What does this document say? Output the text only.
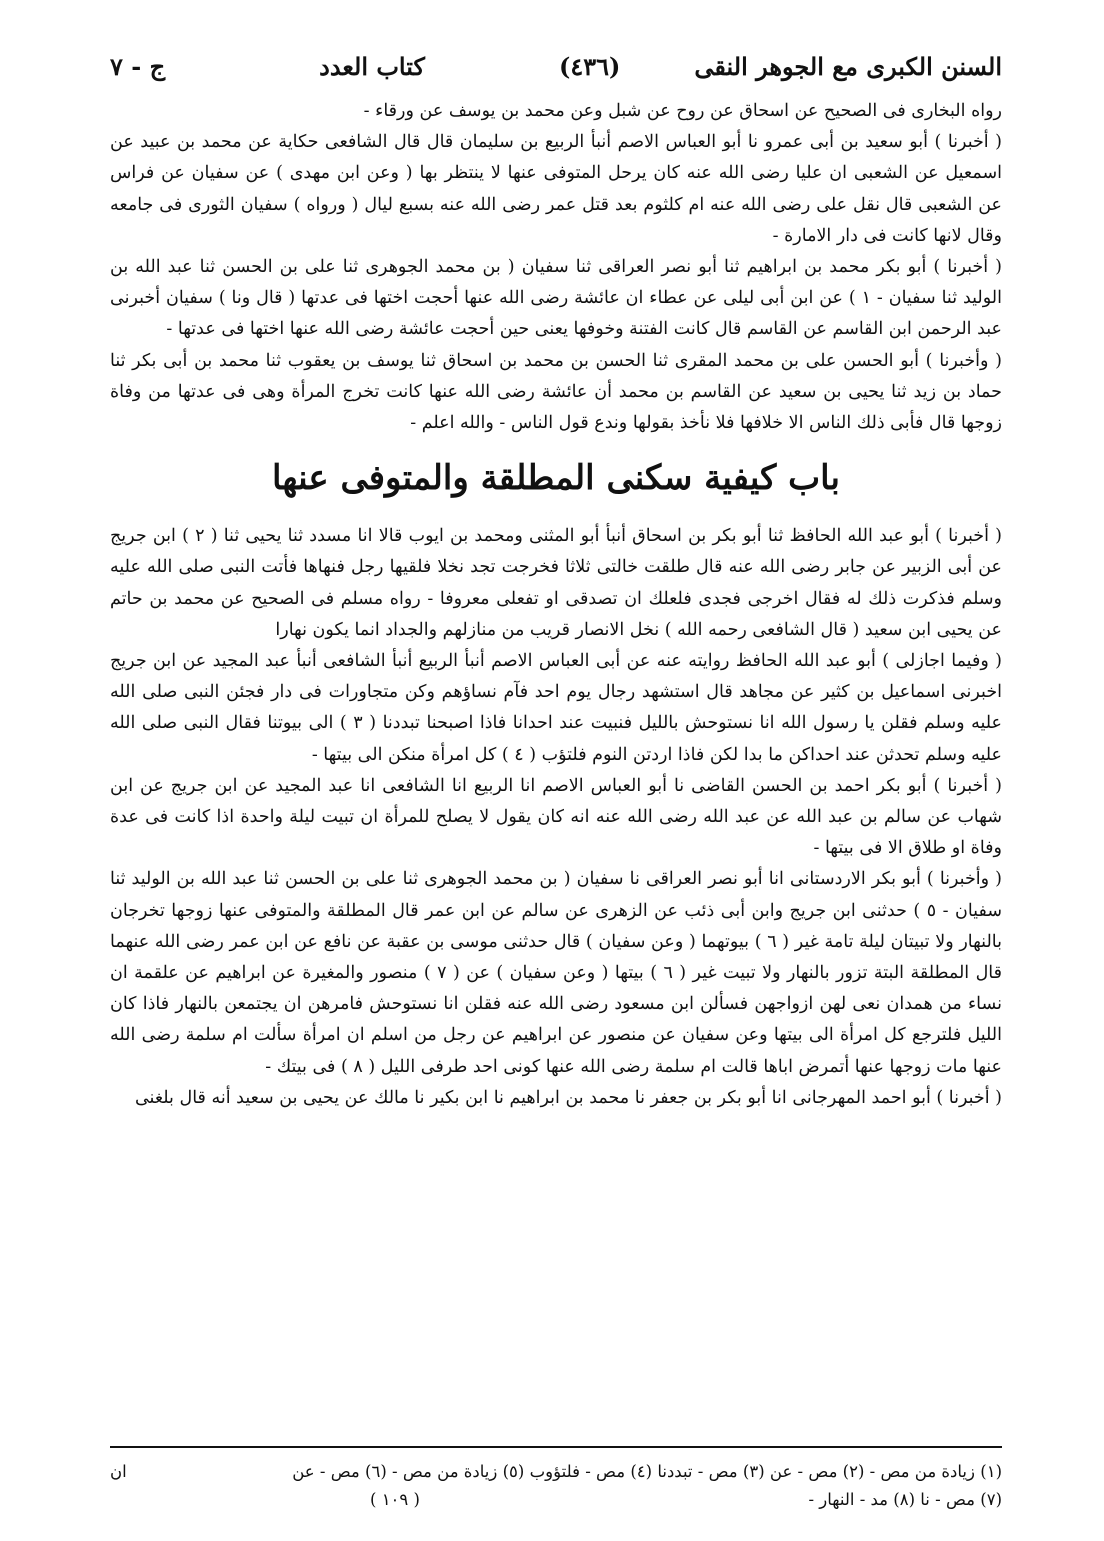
السنن الكبرى مع الجوهر النقى
(٤٣٦)
كتاب العدد
ج - ٧

رواه البخارى فى الصحيح عن اسحاق عن روح عن شبل وعن محمد بن يوسف عن ورقاء -

( أخبرنا ) أبو سعيد بن أبى عمرو نا أبو العباس الاصم أنبأ الربيع بن سليمان قال قال الشافعى حكاية عن محمد بن عبيد عن اسمعيل عن الشعبى ان عليا رضى الله عنه كان يرحل المتوفى عنها لا ينتظر بها ( وعن ابن مهدى ) عن سفيان عن فراس عن الشعبى قال نقل على رضى الله عنه ام كلثوم بعد قتل عمر رضى الله عنه بسبع ليال ( ورواه ) سفيان الثورى فى جامعه وقال لانها كانت فى دار الامارة -

( أخبرنا ) أبو بكر محمد بن ابراهيم ثنا أبو نصر العراقى ثنا سفيان ( بن محمد الجوهرى ثنا على بن الحسن ثنا عبد الله بن الوليد ثنا سفيان - ١ ) عن ابن أبى ليلى عن عطاء ان عائشة رضى الله عنها أحجت اختها فى عدتها ( قال ونا ) سفيان أخبرنى عبد الرحمن ابن القاسم عن القاسم قال كانت الفتنة وخوفها يعنى حين أحجت عائشة رضى الله عنها اختها فى عدتها -

( وأخبرنا ) أبو الحسن على بن محمد المقرى ثنا الحسن بن محمد بن اسحاق ثنا يوسف بن يعقوب ثنا محمد بن أبى بكر ثنا حماد بن زيد ثنا يحيى بن سعيد عن القاسم بن محمد أن عائشة رضى الله عنها كانت تخرج المرأة وهى فى عدتها من وفاة زوجها قال فأبى ذلك الناس الا خلافها فلا نأخذ بقولها وندع قول الناس - والله اعلم -

باب كيفية سكنى المطلقة والمتوفى عنها

( أخبرنا ) أبو عبد الله الحافظ ثنا أبو بكر بن اسحاق أنبأ أبو المثنى ومحمد بن ايوب قالا انا مسدد ثنا يحيى ثنا ( ٢ ) ابن جريج عن أبى الزبير عن جابر رضى الله عنه قال طلقت خالتى ثلاثا فخرجت تجد نخلا فلقيها رجل فنهاها فأتت النبى صلى الله عليه وسلم فذكرت ذلك له فقال اخرجى فجدى فلعلك ان تصدقى او تفعلى معروفا - رواه مسلم فى الصحيح عن محمد بن حاتم عن يحيى ابن سعيد ( قال الشافعى رحمه الله ) نخل الانصار قريب من منازلهم والجداد انما يكون نهارا

( وفيما اجازلى ) أبو عبد الله الحافظ روايته عنه عن أبى العباس الاصم أنبأ الربيع أنبأ الشافعى أنبأ عبد المجيد عن ابن جريج اخبرنى اسماعيل بن كثير عن مجاهد قال استشهد رجال يوم احد فآم نساؤهم وكن متجاورات فى دار فجئن النبى صلى الله عليه وسلم فقلن يا رسول الله انا نستوحش بالليل فنبيت عند احدانا فاذا اصبحنا تبددنا ( ٣ ) الى بيوتنا فقال النبى صلى الله عليه وسلم تحدثن عند احداكن ما بدا لكن فاذا اردتن النوم فلتؤب ( ٤ ) كل امرأة منكن الى بيتها -

( أخبرنا ) أبو بكر احمد بن الحسن القاضى نا أبو العباس الاصم انا الربيع انا الشافعى انا عبد المجيد عن ابن جريج عن ابن شهاب عن سالم بن عبد الله عن عبد الله رضى الله عنه انه كان يقول لا يصلح للمرأة ان تبيت ليلة واحدة اذا كانت فى عدة وفاة او طلاق الا فى بيتها -

( وأخبرنا ) أبو بكر الاردستانى انا أبو نصر العراقى نا سفيان ( بن محمد الجوهرى ثنا على بن الحسن ثنا عبد الله بن الوليد ثنا سفيان - ٥ ) حدثنى ابن جريج وابن أبى ذئب عن الزهرى عن سالم عن ابن عمر قال المطلقة والمتوفى عنها زوجها تخرجان بالنهار ولا تبيتان ليلة تامة غير ( ٦ ) بيوتهما ( وعن سفيان ) قال حدثنى موسى بن عقبة عن نافع عن ابن عمر رضى الله عنهما قال المطلقة البتة تزور بالنهار ولا تبيت غير ( ٦ ) بيتها ( وعن سفيان ) عن ( ٧ ) منصور والمغيرة عن ابراهيم عن علقمة ان نساء من همدان نعى لهن ازواجهن فسألن ابن مسعود رضى الله عنه فقلن انا نستوحش فامرهن ان يجتمعن بالنهار فاذا كان الليل فلترجع كل امرأة الى بيتها وعن سفيان عن منصور عن ابراهيم عن رجل من اسلم ان امرأة سألت ام سلمة رضى الله عنها مات زوجها عنها أتمرض اباها قالت ام سلمة رضى الله عنها كونى احد طرفى الليل ( ٨ ) فى بيتك -

( أخبرنا ) أبو احمد المهرجانى انا أبو بكر بن جعفر نا محمد بن ابراهيم نا ابن بكير نا مالك عن يحيى بن سعيد أنه قال بلغنى

(١) زيادة من مص - (٢) مص - عن (٣) مص - تبددنا (٤) مص - فلتؤوب (٥) زيادة من مص - (٦) مص - عن

ان

(٧) مص - نا (٨) مد - النهار -

( ١٠٩ )
